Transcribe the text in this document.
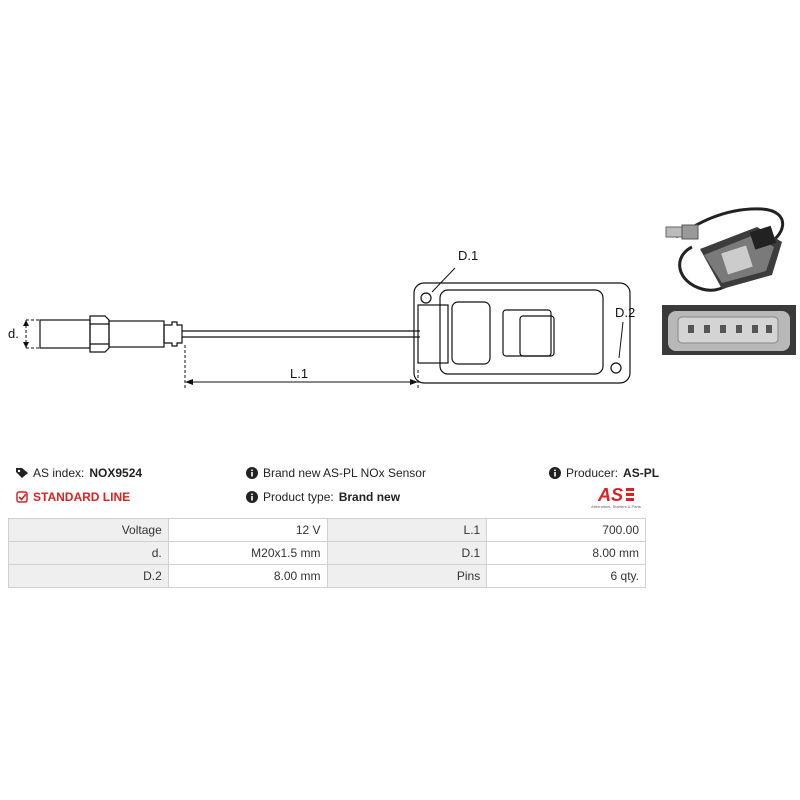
d.
D.1
D.2
L.1
AS index: NOX9524
STANDARD LINE
Brand new AS-PL NOx Sensor
Product type: Brand new
Producer: AS-PL
AS
Alternators, Starters & Parts
Voltage	12 V	L.1	700.00
d.	M20x1.5 mm	D.1	8.00 mm
D.2	8.00 mm	Pins	6 qty.
